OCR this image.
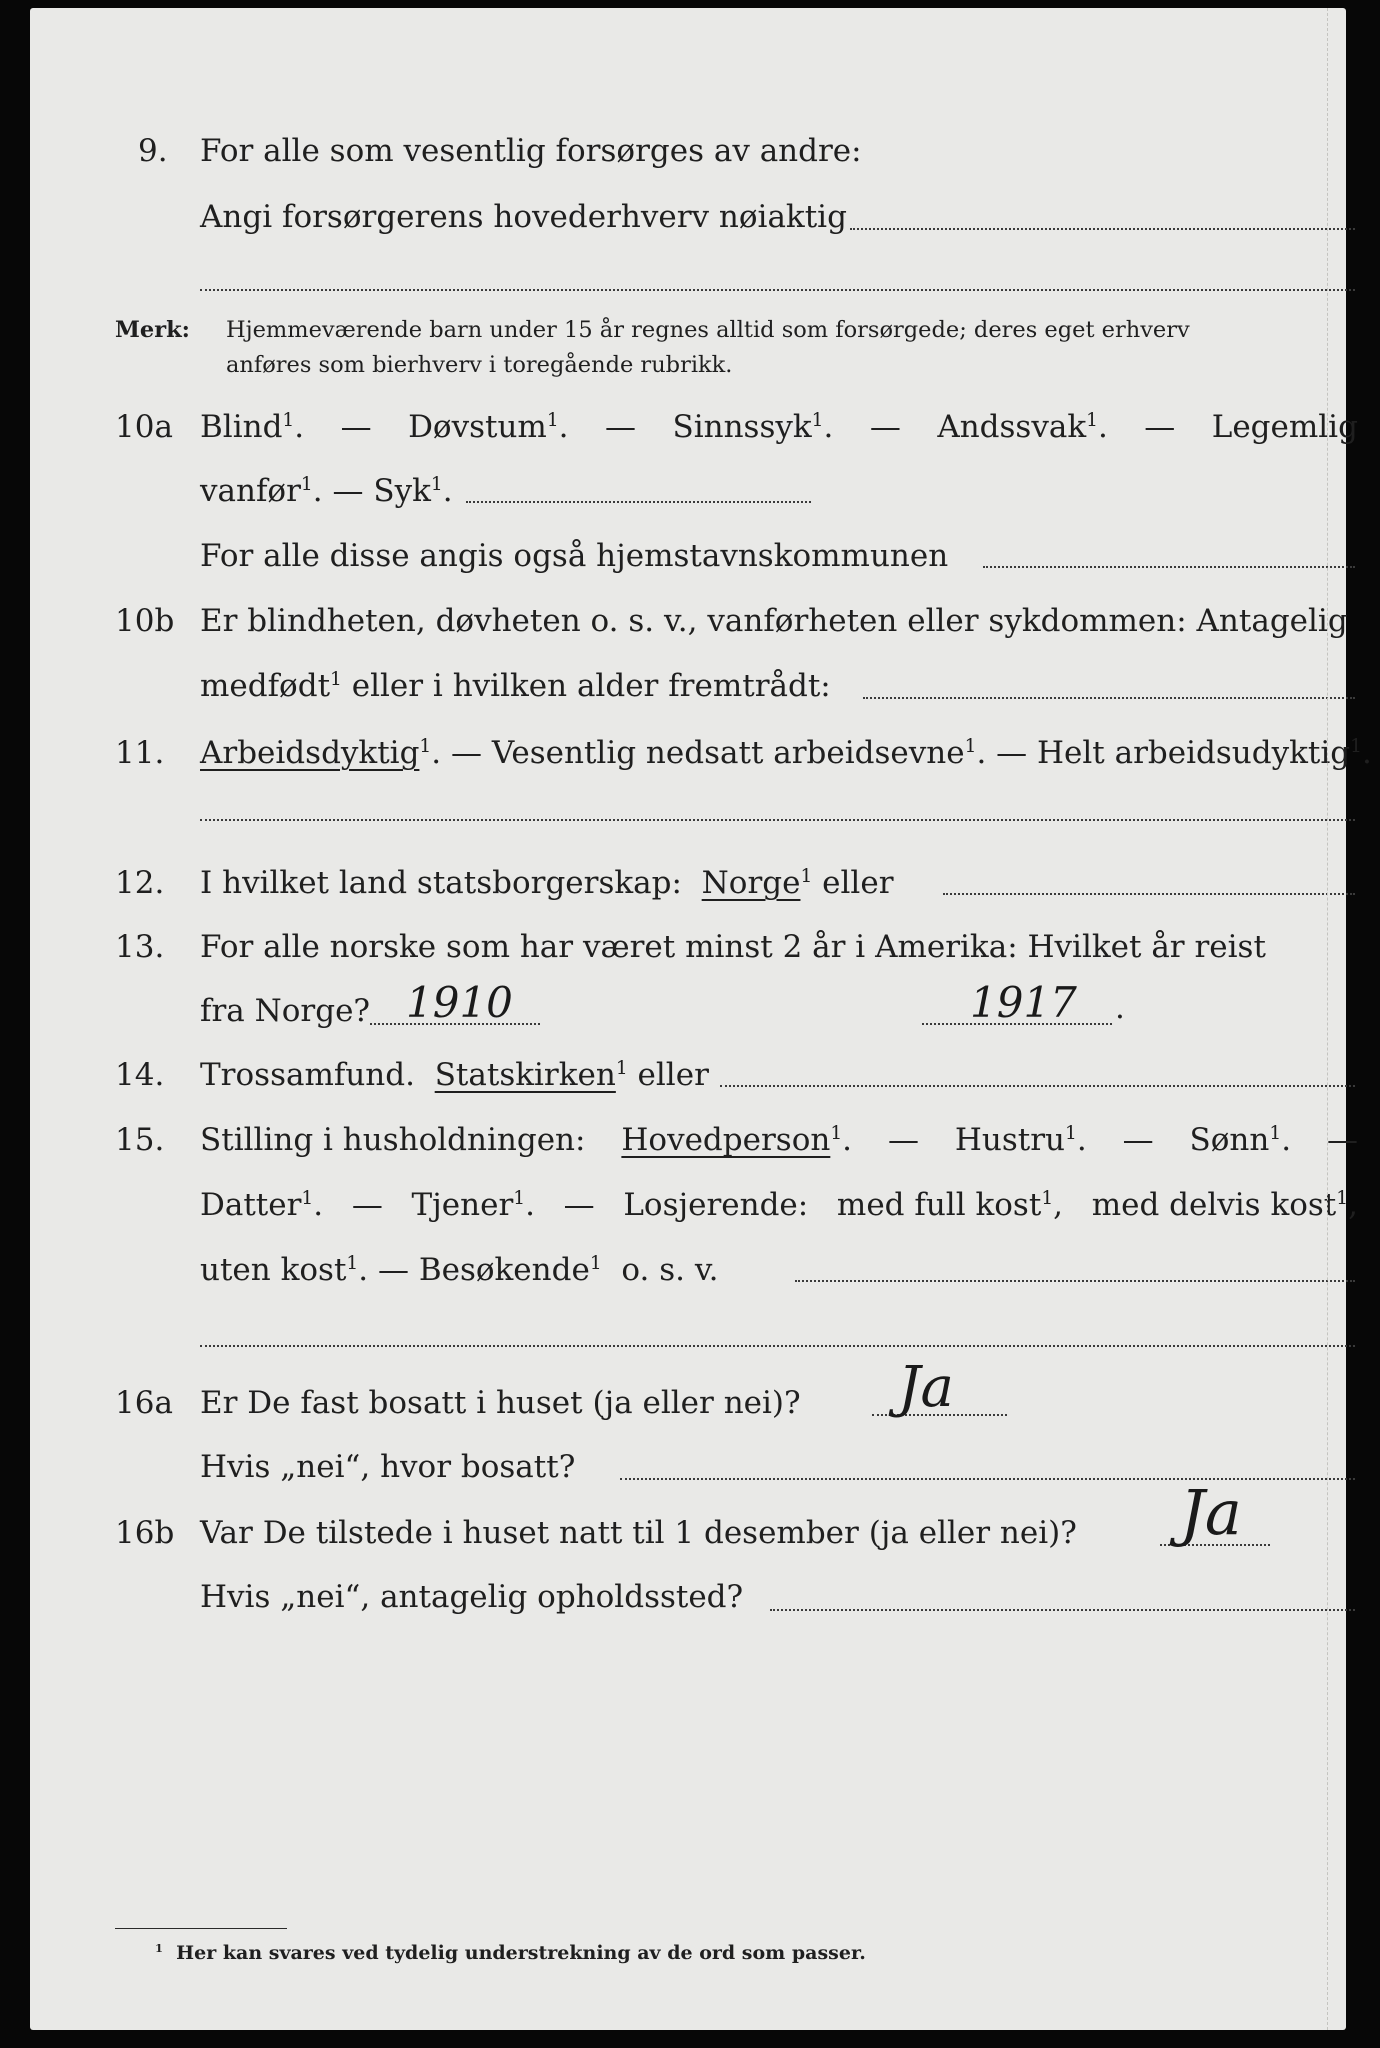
9. For alle som vesentlig forsørges av andre:
Angi forsørgerens hovederhverv nøiaktig
Merk: Hjemmeværende barn under 15 år regnes alltid som forsørgede; deres eget erhverv
anføres som bierhverv i toregående rubrikk.
10a Blind$^1$. — Døvstum$^1$. — Sinnssyk$^1$. — Andssvak$^1$. — Legemlig
vanfør$^1$. — Syk$^1$.
For alle disse angis også hjemstavnskommunen
10b Er blindheten, døvheten o. s. v., vanførheten eller sykdommen: Antagelig
medfødt$^1$ eller i hvilken alder fremtrådt:
11. Arbeidsdyktig$^1$. — Vesentlig nedsatt arbeidsevne$^1$. — Helt arbeidsudyktig$^1$.
12. I hvilket land statsborgerskap: Norge$^1$ eller
13. For alle norske som har været minst 2 år i Amerika: Hvilket år reist
fra Norge? 1910	1917 .
14. Trossamfund. Statskirken$^1$ eller
15. Stilling i husholdningen: Hovedperson$^1$. — Hustru$^1$. — Sønn$^1$. —
Datter$^1$. — Tjener$^1$. — Losjerende: med full kost$^1$, med delvis kost$^1$,
uten kost$^1$. — Besøkende$^1$ o. s. v.
16a Er De fast bosatt i huset (ja eller nei)? Ja
Hvis „nei“, hvor bosatt?
16b Var De tilstede i huset natt til 1 desember (ja eller nei)? Ja
Hvis „nei“, antagelig opholdssted?
$^1$ Her kan svares ved tydelig understrekning av de ord som passer.
